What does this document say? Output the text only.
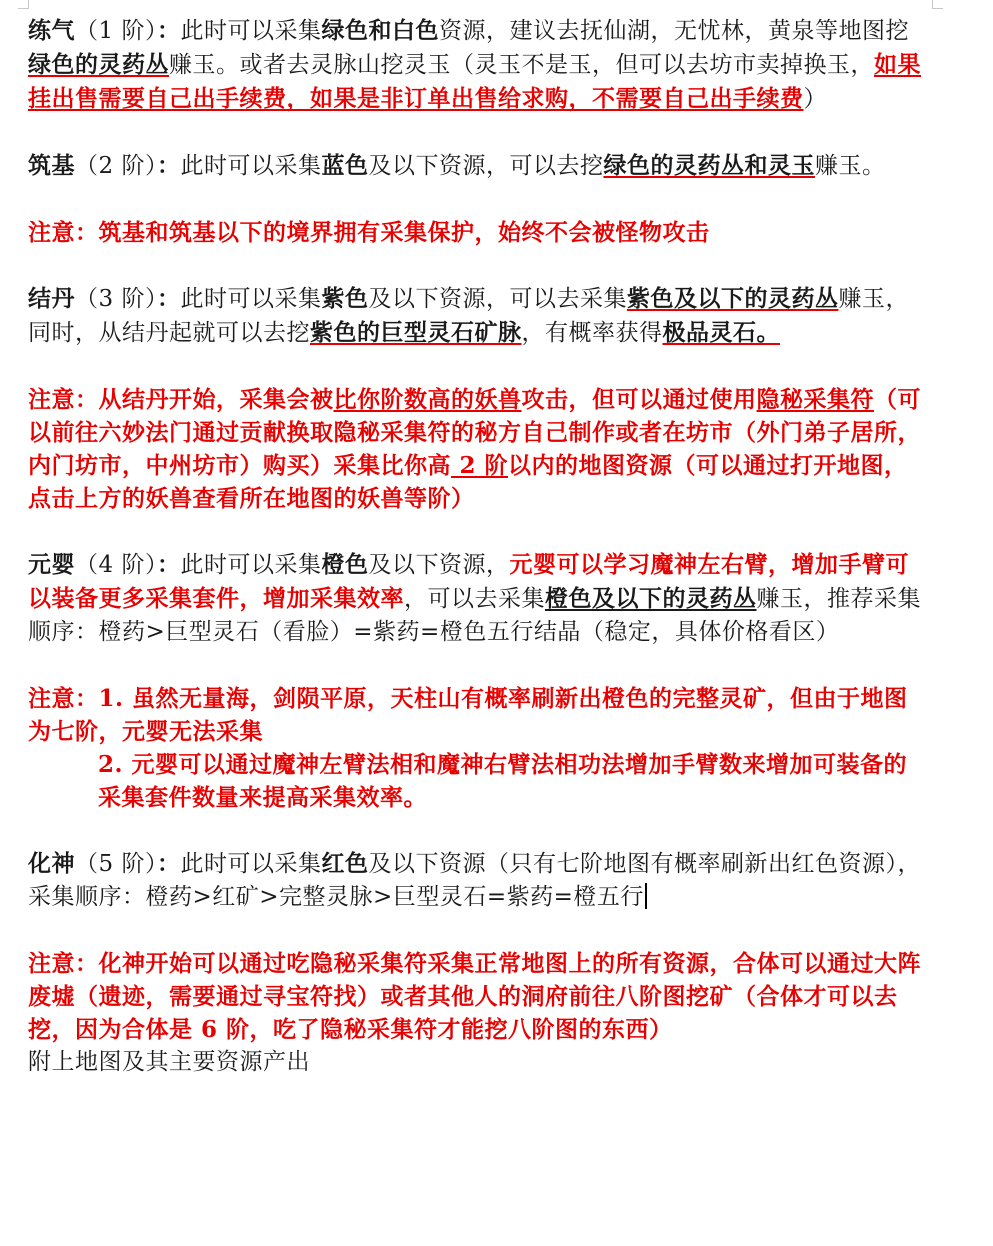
练气（1 阶）：此时可以采集绿色和白色资源，建议去抚仙湖，无忧林，黄泉等地图挖绿色的灵药丛赚玉。或者去灵脉山挖灵玉（灵玉不是玉，但可以去坊市卖掉换玉，如果挂出售需要自己出手续费，如果是非订单出售给求购，不需要自己出手续费）

筑基（2 阶）：此时可以采集蓝色及以下资源，可以去挖绿色的灵药丛和灵玉赚玉。

注意：筑基和筑基以下的境界拥有采集保护，始终不会被怪物攻击

结丹（3 阶）：此时可以采集紫色及以下资源，可以去采集紫色及以下的灵药丛赚玉，同时，从结丹起就可以去挖紫色的巨型灵石矿脉，有概率获得极品灵石。

注意：从结丹开始，采集会被比你阶数高的妖兽攻击，但可以通过使用隐秘采集符（可以前往六妙法门通过贡献换取隐秘采集符的秘方自己制作或者在坊市（外门弟子居所，内门坊市，中州坊市）购买）采集比你高 2 阶以内的地图资源（可以通过打开地图，点击上方的妖兽查看所在地图的妖兽等阶）

元婴（4 阶）：此时可以采集橙色及以下资源，元婴可以学习魔神左右臂，增加手臂可以装备更多采集套件，增加采集效率，可以去采集橙色及以下的灵药丛赚玉，推荐采集顺序：橙药>巨型灵石（看脸）=紫药=橙色五行结晶（稳定，具体价格看区）

注意：1. 虽然无量海，剑陨平原，天柱山有概率刷新出橙色的完整灵矿，但由于地图为七阶，元婴无法采集
2. 元婴可以通过魔神左臂法相和魔神右臂法相功法增加手臂数来增加可装备的采集套件数量来提高采集效率。

化神（5 阶）：此时可以采集红色及以下资源（只有七阶地图有概率刷新出红色资源），采集顺序：橙药>红矿>完整灵脉>巨型灵石=紫药=橙五行

注意：化神开始可以通过吃隐秘采集符采集正常地图上的所有资源，合体可以通过大阵废墟（遗迹，需要通过寻宝符找）或者其他人的洞府前往八阶图挖矿（合体才可以去挖，因为合体是 6 阶，吃了隐秘采集符才能挖八阶图的东西）

附上地图及其主要资源产出
